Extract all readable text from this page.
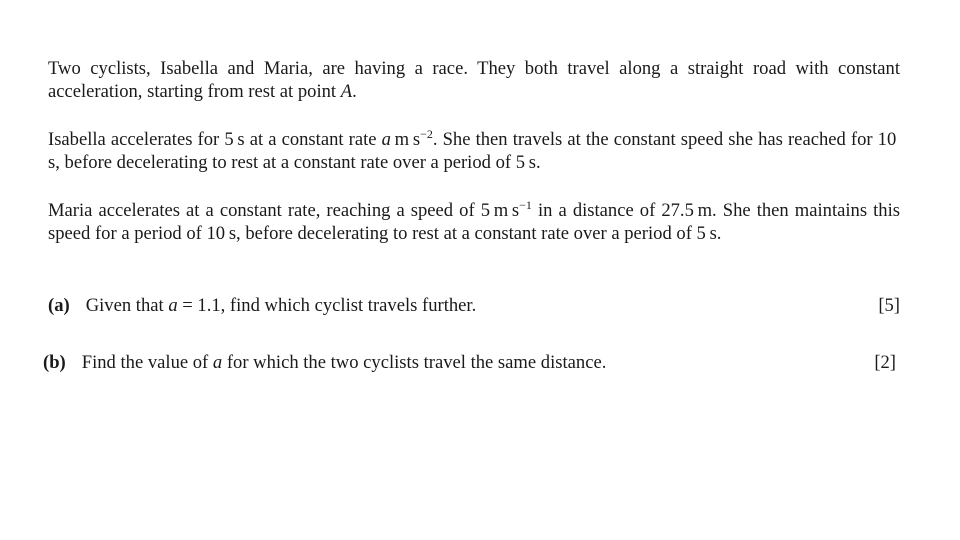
Two cyclists, Isabella and Maria, are having a race. They both travel along a straight road with constant acceleration, starting from rest at point A.

Isabella accelerates for 5 s at a constant rate a m $s^{-2}$. She then travels at the constant speed she has reached for 10 s, before decelerating to rest at a constant rate over a period of 5 s.

Maria accelerates at a constant rate, reaching a speed of 5 m $s^{-1}$ in a distance of 27.5 m. She then maintains this speed for a period of 10 s, before decelerating to rest at a constant rate over a period of 5 s.

(a) Given that a = 1.1, find which cyclist travels further.	[5]
(b) Find the value of a for which the two cyclists travel the same distance.	[2]
